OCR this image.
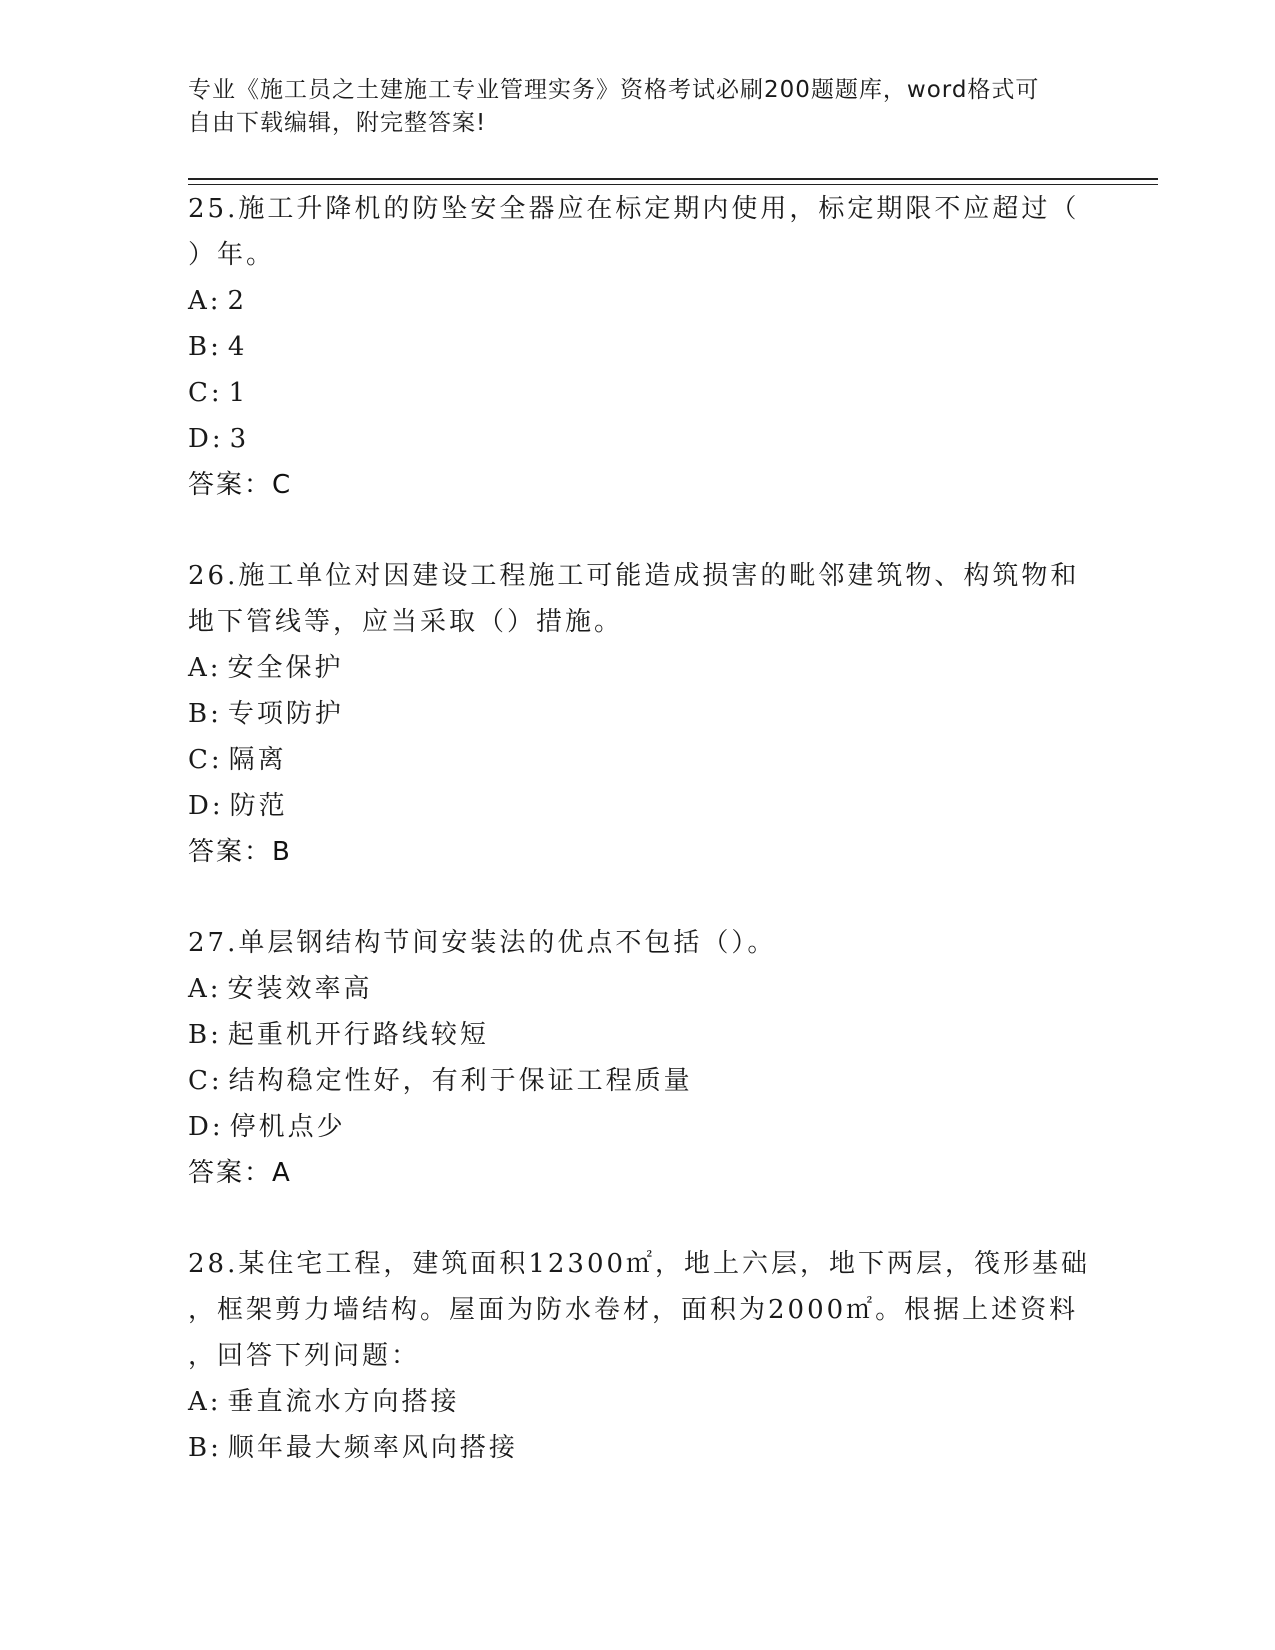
专业《施工员之土建施工专业管理实务》资格考试必刷200题题库，word格式可
自由下载编辑，附完整答案!
25.施工升降机的防坠安全器应在标定期内使用，标定期限不应超过（
）年。
A: 2
B: 4
C: 1
D: 3
答案：C
26.施工单位对因建设工程施工可能造成损害的毗邻建筑物、构筑物和
地下管线等，应当采取（）措施。
A: 安全保护
B: 专项防护
C: 隔离
D: 防范
答案：B
27.单层钢结构节间安装法的优点不包括（）。
A: 安装效率高
B: 起重机开行路线较短
C: 结构稳定性好，有利于保证工程质量
D: 停机点少
答案：A
28.某住宅工程，建筑面积12300㎡，地上六层，地下两层，筏形基础
，框架剪力墙结构。屋面为防水卷材，面积为2000㎡。根据上述资料
，回答下列问题：
A: 垂直流水方向搭接
B: 顺年最大频率风向搭接
